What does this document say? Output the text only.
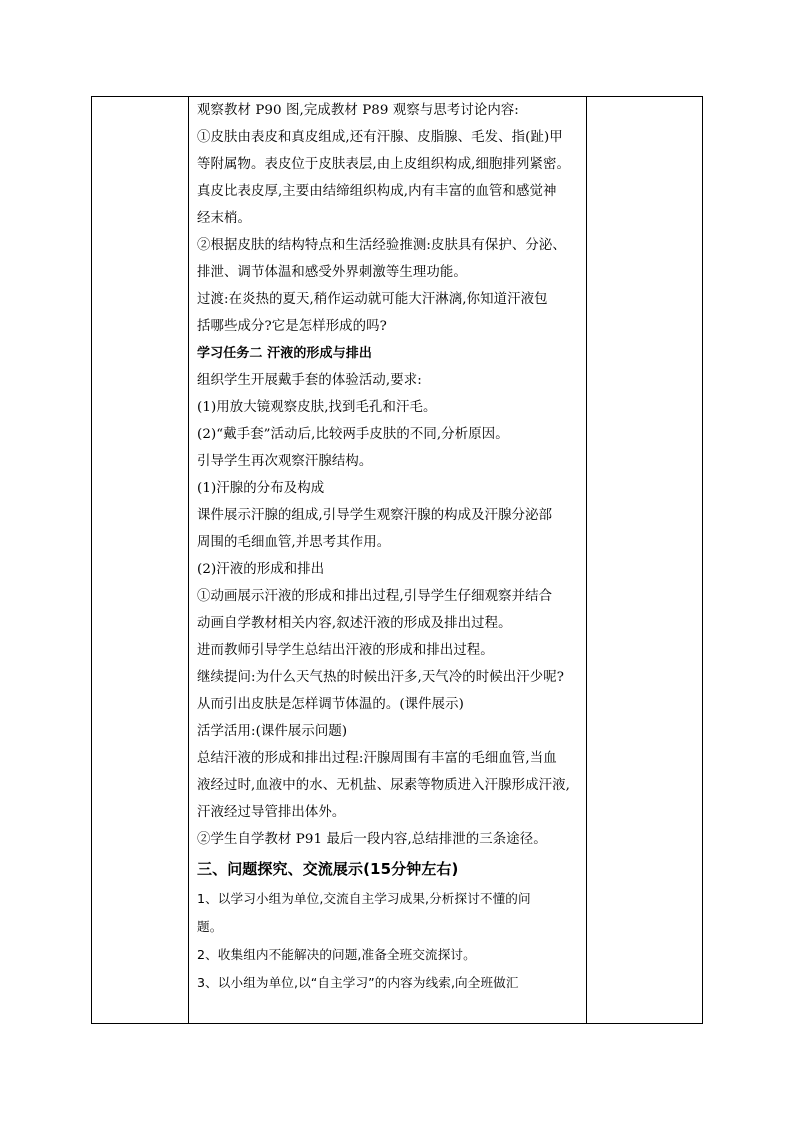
观察教材 P90 图,完成教材 P89 观察与思考讨论内容:
①皮肤由表皮和真皮组成,还有汗腺、皮脂腺、毛发、指(趾)甲
等附属物。表皮位于皮肤表层,由上皮组织构成,细胞排列紧密。
真皮比表皮厚,主要由结缔组织构成,内有丰富的血管和感觉神
经末梢。
②根据皮肤的结构特点和生活经验推测:皮肤具有保护、分泌、
排泄、调节体温和感受外界刺激等生理功能。
过渡:在炎热的夏天,稍作运动就可能大汗淋漓,你知道汗液包
括哪些成分?它是怎样形成的吗?
学习任务二 汗液的形成与排出
组织学生开展戴手套的体验活动,要求:
(1)用放大镜观察皮肤,找到毛孔和汗毛。
(2)“戴手套”活动后,比较两手皮肤的不同,分析原因。
引导学生再次观察汗腺结构。
(1)汗腺的分布及构成
课件展示汗腺的组成,引导学生观察汗腺的构成及汗腺分泌部
周围的毛细血管,并思考其作用。
(2)汗液的形成和排出
①动画展示汗液的形成和排出过程,引导学生仔细观察并结合
动画自学教材相关内容,叙述汗液的形成及排出过程。
进而教师引导学生总结出汗液的形成和排出过程。
继续提问:为什么天气热的时候出汗多,天气冷的时候出汗少呢?
从而引出皮肤是怎样调节体温的。(课件展示)
活学活用:(课件展示问题)
总结汗液的形成和排出过程:汗腺周围有丰富的毛细血管,当血
液经过时,血液中的水、无机盐、尿素等物质进入汗腺形成汗液,
汗液经过导管排出体外。
②学生自学教材 P91 最后一段内容,总结排泄的三条途径。
三、问题探究、交流展示(15分钟左右)
1、以学习小组为单位,交流自主学习成果,分析探讨不懂的问
题。
2、收集组内不能解决的问题,准备全班交流探讨。
3、以小组为单位,以“自主学习”的内容为线索,向全班做汇
